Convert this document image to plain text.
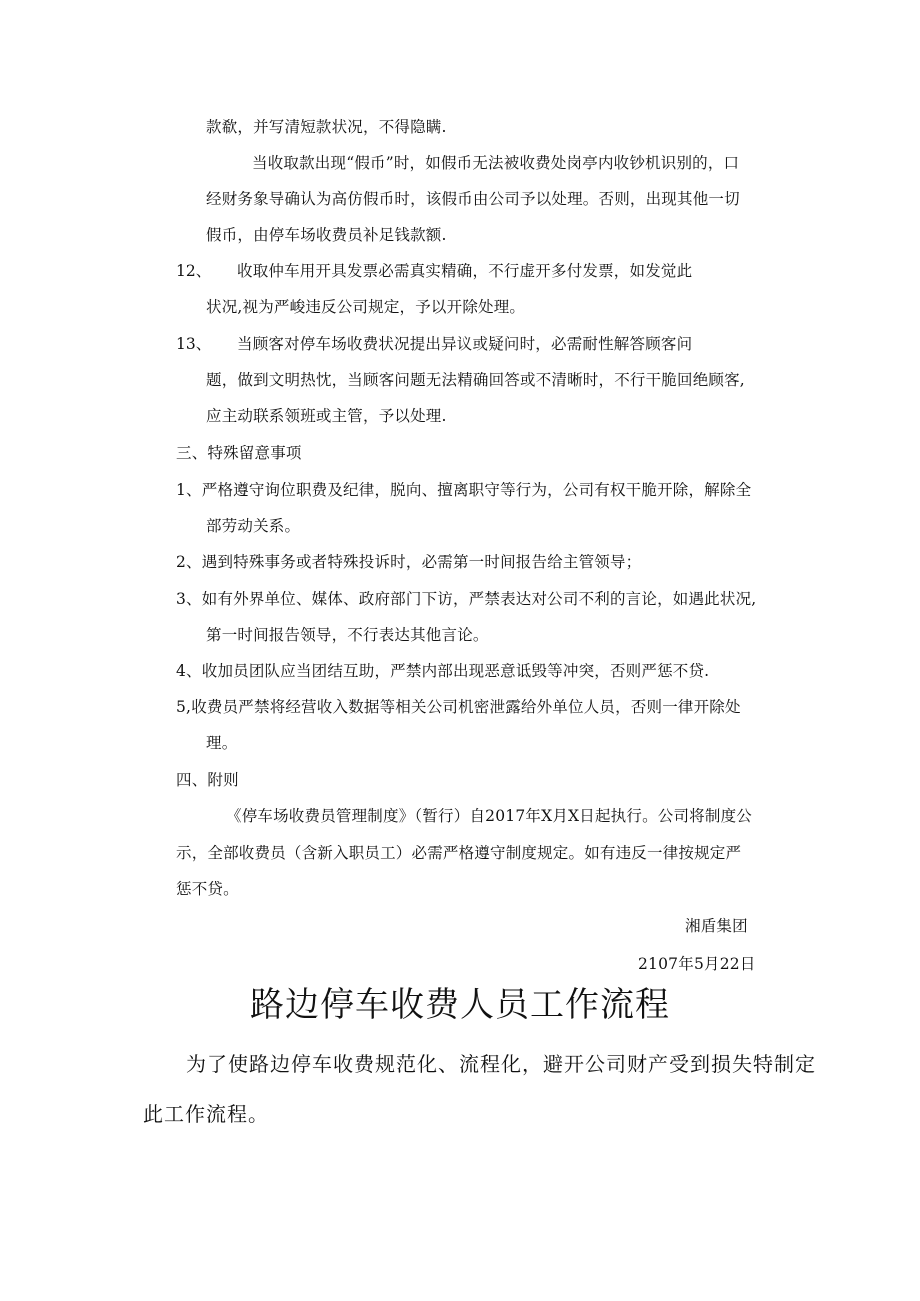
款欷，并写清短款状况，不得隐瞒.
当收取款出现“假币”时，如假币无法被收费处岗亭内收钞机识别的，口
经财务象导确认为高仿假币时，该假币由公司予以处理。否则，出现其他一切
假币，由停车场收费员补足钱款额.
12、 收取仲车用开具发票必需真实精确，不行虚开多付发票，如发觉此
状况,视为严峻违反公司规定，予以开除处理。
13、 当顾客对停车场收费状况提出异议或疑问时，必需耐性解答顾客问
题，做到文明热忱，当顾客问题无法精确回答或不清晰时，不行干脆回绝顾客,
应主动联系领班或主管，予以处理.
三、特殊留意事项
1、严格遵守询位职费及纪律，脱向、擅离职守等行为，公司有权干脆开除，解除全
部劳动关系。
2、遇到特殊事务或者特殊投诉时，必需第一时间报告给主管领导；
3、如有外界单位、媒体、政府部门下访，严禁表达对公司不利的言论，如遇此状况,
第一时间报告领导，不行表达其他言论。
4、收加员团队应当团结互助，严禁内部出现恶意诋毁等冲突，否则严惩不贷.
5,收费员严禁将经营收入数据等相关公司机密泄露给外单位人员，否则一律开除处
理。
四、附则
《停车场收费员管理制度》（暂行）自2017年X月X日起执行。公司将制度公
示，全部收费员（含新入职员工）必需严格遵守制度规定。如有违反一律按规定严
惩不贷。
湘盾集团
2107年5月22日
路边停车收费人员工作流程
为了使路边停车收费规范化、流程化，避开公司财产受到损失特制定
此工作流程。
